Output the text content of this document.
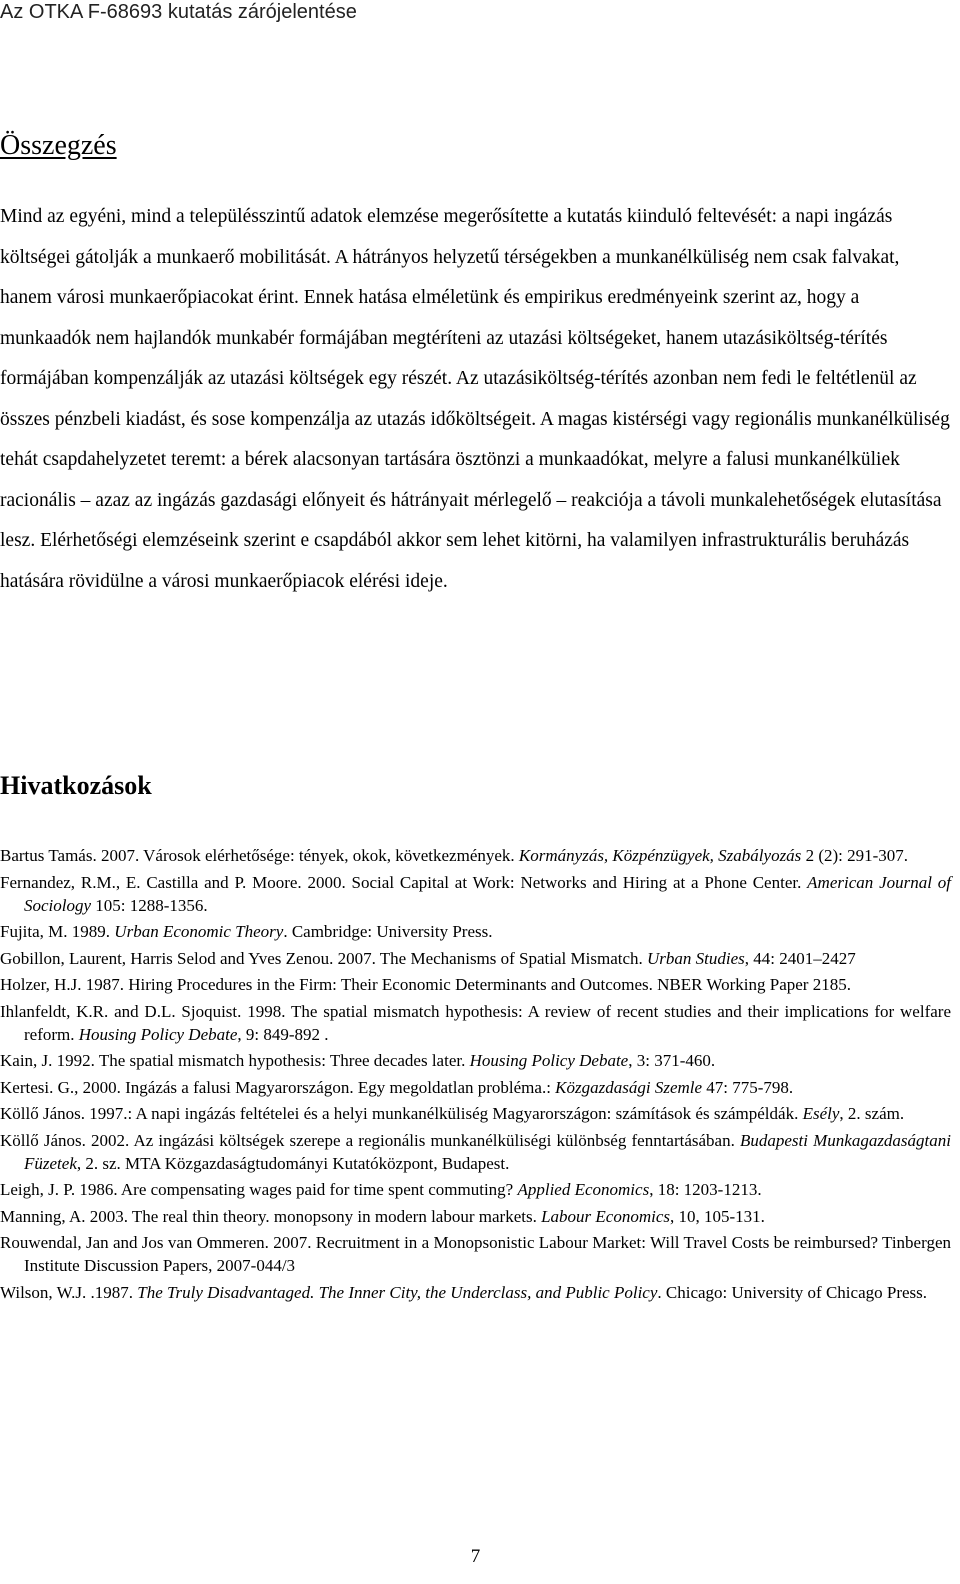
Az OTKA F-68693 kutatás zárójelentése
Összegzés

Mind az egyéni, mind a településszintű adatok elemzése megerősítette a kutatás kiinduló feltevését: a napi ingázás költségei gátolják a munkaerő mobilitását. A hátrányos helyzetű térségekben a munkanélküliség nem csak falvakat, hanem városi munkaerőpiacokat érint. Ennek hatása elméletünk és empirikus eredményeink szerint az, hogy a munkaadók nem hajlandók munkabér formájában megtéríteni az utazási költségeket, hanem utazásiköltség-térítés formájában kompenzálják az utazási költségek egy részét. Az utazásiköltség-térítés azonban nem fedi le feltétlenül az összes pénzbeli kiadást, és sose kompenzálja az utazás időköltségeit. A magas kistérségi vagy regionális munkanélküliség tehát csapdahelyzetet teremt: a bérek alacsonyan tartására ösztönzi a munkaadókat, melyre a falusi munkanélküliek racionális – azaz az ingázás gazdasági előnyeit és hátrányait mérlegelő – reakciója a távoli munkalehetőségek elutasítása lesz. Elérhetőségi elemzéseink szerint e csapdából akkor sem lehet kitörni, ha valamilyen infrastrukturális beruházás hatására rövidülne a városi munkaerőpiacok elérési ideje.

Hivatkozások
Bartus Tamás. 2007. Városok elérhetősége: tények, okok, következmények. Kormányzás, Közpénzügyek, Szabályozás 2 (2): 291-307.
Fernandez, R.M., E. Castilla and P. Moore. 2000. Social Capital at Work: Networks and Hiring at a Phone Center. American Journal of Sociology 105: 1288-1356.
Fujita, M. 1989. Urban Economic Theory. Cambridge: University Press.
Gobillon, Laurent, Harris Selod and Yves Zenou. 2007. The Mechanisms of Spatial Mismatch. Urban Studies, 44: 2401–2427
Holzer, H.J. 1987. Hiring Procedures in the Firm: Their Economic Determinants and Outcomes. NBER Working Paper 2185.
Ihlanfeldt, K.R. and D.L. Sjoquist. 1998. The spatial mismatch hypothesis: A review of recent studies and their implications for welfare reform. Housing Policy Debate, 9: 849-892 .
Kain, J. 1992. The spatial mismatch hypothesis: Three decades later. Housing Policy Debate, 3: 371-460.
Kertesi. G., 2000. Ingázás a falusi Magyarországon. Egy megoldatlan probléma.: Közgazdasági Szemle 47: 775-798.
Köllő János. 1997.: A napi ingázás feltételei és a helyi munkanélküliség Magyarországon: számítások és számpéldák. Esély, 2. szám.
Köllő János. 2002. Az ingázási költségek szerepe a regionális munkanélküliségi különbség fenntartásában. Budapesti Munkagazdaságtani Füzetek, 2. sz. MTA Közgazdaságtudományi Kutatóközpont, Budapest.
Leigh, J. P. 1986. Are compensating wages paid for time spent commuting? Applied Economics, 18: 1203-1213.
Manning, A. 2003. The real thin theory. monopsony in modern labour markets. Labour Economics, 10, 105-131.
Rouwendal, Jan and Jos van Ommeren. 2007. Recruitment in a Monopsonistic Labour Market: Will Travel Costs be reimbursed? Tinbergen Institute Discussion Papers, 2007-044/3
Wilson, W.J. .1987. The Truly Disadvantaged. The Inner City, the Underclass, and Public Policy. Chicago: University of Chicago Press.
7
